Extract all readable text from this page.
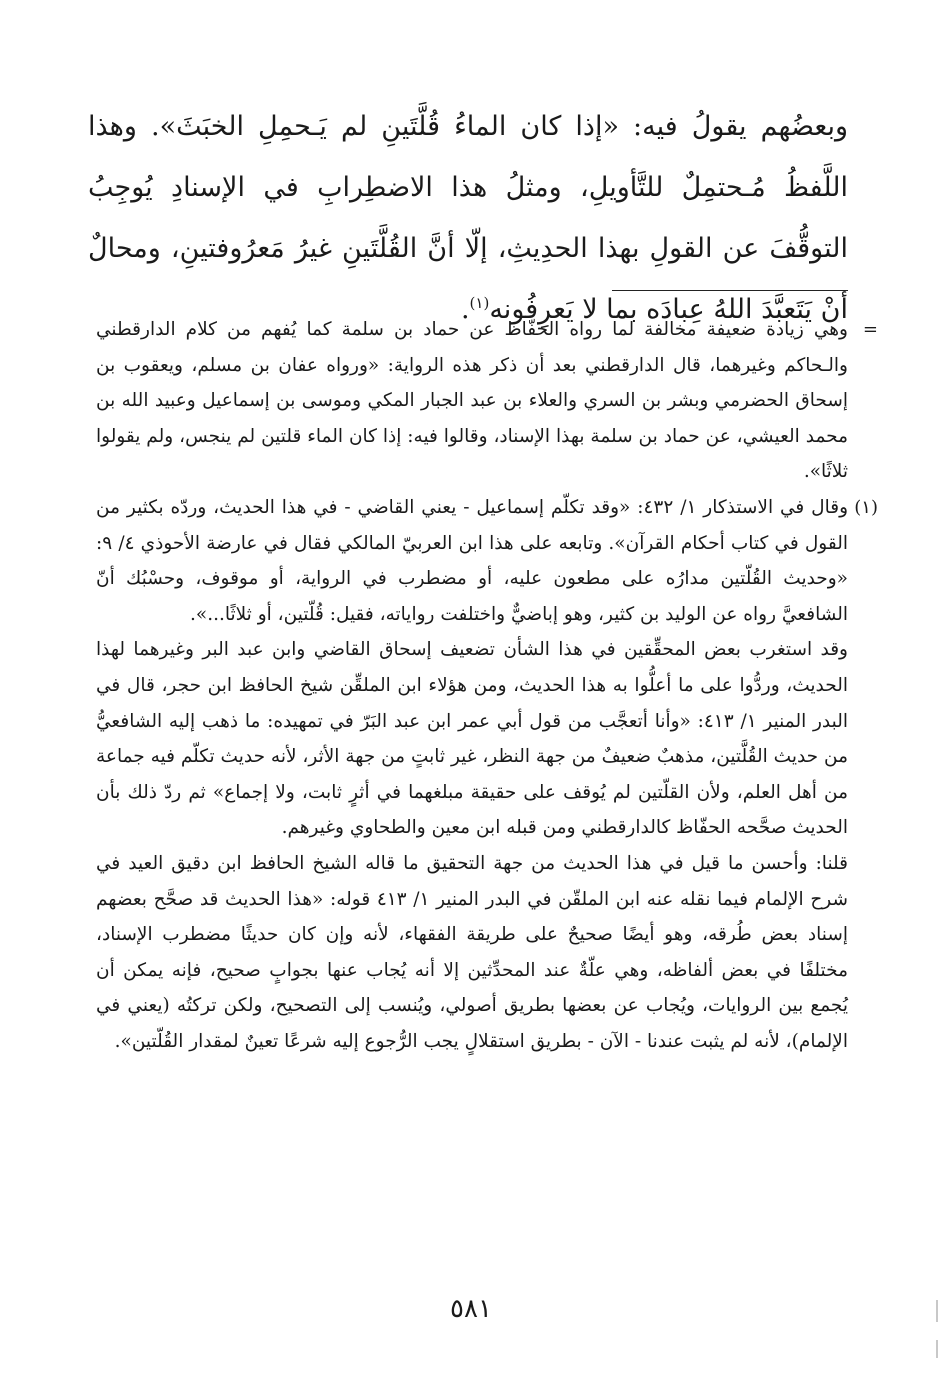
وبعضُهم يقولُ فيه: «إذا كان الماءُ قُلَّتَينِ لم يَـحمِلِ الخبَثَ». وهذا اللَّفظُ مُـحتمِلٌ للتَّأويلِ، ومثلُ هذا الاضطِرابِ في الإسنادِ يُوجِبُ التوقُّفَ عن القولِ بهذا الحدِيثِ، إلّا أنَّ القُلَّتَينِ غيرُ مَعرُوفتينِ، ومحالٌ أنْ يَتَعبَّدَ اللهُ عِبادَه بما لا يَعرِفُونه$^{(١)}$.

=

وهي زيادة ضعيفة مخالفة لما رواه الحفّاظ عن حماد بن سلمة كما يُفهم من كلام الدارقطني والـحاكم وغيرهما، قال الدارقطني بعد أن ذكر هذه الرواية: «ورواه عفان بن مسلم، ويعقوب بن إسحاق الحضرمي وبشر بن السري والعلاء بن عبد الجبار المكي وموسى بن إسماعيل وعبيد الله بن محمد العيشي، عن حماد بن سلمة بهذا الإسناد، وقالوا فيه: إذا كان الماء قلتين لم ينجس، ولم يقولوا ثلاثًا».

(١)

وقال في الاستذكار ١/ ٤٣٢: «وقد تكلّم إسماعيل - يعني القاضي - في هذا الحديث، وردّه بكثير من القول في كتاب أحكام القرآن». وتابعه على هذا ابن العربيّ المالكي فقال في عارضة الأحوذي ٤/ ٩: «وحديث القُلّتين مدارُه على مطعون عليه، أو مضطرب في الرواية، أو موقوف، وحسْبُك أنّ الشافعيَّ رواه عن الوليد بن كثير، وهو إباضيٌّ واختلفت رواياته، فقيل: قُلّتين، أو ثلاثًا...».

وقد استغرب بعض المحقِّقين في هذا الشأن تضعيف إسحاق القاضي وابن عبد البر وغيرهما لهذا الحديث، وردُّوا على ما أعلُّوا به هذا الحديث، ومن هؤلاء ابن الملقِّن شيخ الحافظ ابن حجر، قال في البدر المنير ١/ ٤١٣: «وأنا أتعجَّب من قول أبي عمر ابن عبد البَرّ في تمهيده: ما ذهب إليه الشافعيُّ من حديث القُلَّتين، مذهبٌ ضعيفٌ من جهة النظر، غير ثابتٍ من جهة الأثر، لأنه حديث تكلّم فيه جماعة من أهل العلم، ولأن القلّتين لم يُوقف على حقيقة مبلغهما في أثرٍ ثابت، ولا إجماع» ثم ردّ ذلك بأن الحديث صحَّحه الحفّاظ كالدارقطني ومن قبله ابن معين والطحاوي وغيرهم.

قلنا: وأحسن ما قيل في هذا الحديث من جهة التحقيق ما قاله الشيخ الحافظ ابن دقيق العيد في شرح الإلمام فيما نقله عنه ابن الملقّن في البدر المنير ١/ ٤١٣ قوله: «هذا الحديث قد صحَّح بعضهم إسناد بعض طُرقه، وهو أيضًا صحيحٌ على طريقة الفقهاء، لأنه وإن كان حديثًا مضطرب الإسناد، مختلفًا في بعض ألفاظه، وهي علّةٌ عند المحدِّثين إلا أنه يُجاب عنها بجوابٍ صحيح، فإنه يمكن أن يُجمع بين الروايات، ويُجاب عن بعضها بطريق أصولي، ويُنسب إلى التصحيح، ولكن تركتُه (يعني في الإلمام)، لأنه لم يثبت عندنا - الآن - بطريق استقلالٍ يجب الرُّجوع إليه شرعًا تعينٌ لمقدار القُلّتين».

٥٨١
